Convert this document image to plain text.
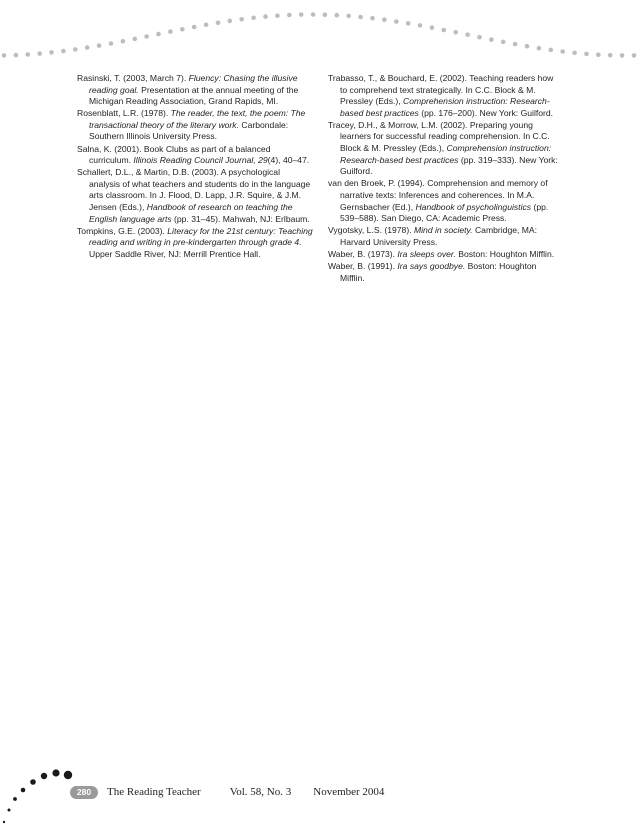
Rasinski, T. (2003, March 7). Fluency: Chasing the illusive reading goal. Presentation at the annual meeting of the Michigan Reading Association, Grand Rapids, MI.
Rosenblatt, L.R. (1978). The reader, the text, the poem: The transactional theory of the literary work. Carbondale: Southern Illinois University Press.
Salna, K. (2001). Book Clubs as part of a balanced curriculum. Illinois Reading Council Journal, 29(4), 40–47.
Schallert, D.L., & Martin, D.B. (2003). A psychological analysis of what teachers and students do in the language arts classroom. In J. Flood, D. Lapp, J.R. Squire, & J.M. Jensen (Eds.), Handbook of research on teaching the English language arts (pp. 31–45). Mahwah, NJ: Erlbaum.
Tompkins, G.E. (2003). Literacy for the 21st century: Teaching reading and writing in pre-kindergarten through grade 4. Upper Saddle River, NJ: Merrill Prentice Hall.
Trabasso, T., & Bouchard, E. (2002). Teaching readers how to comprehend text strategically. In C.C. Block & M. Pressley (Eds.), Comprehension instruction: Research-based best practices (pp. 176–200). New York: Guilford.
Tracey, D.H., & Morrow, L.M. (2002). Preparing young learners for successful reading comprehension. In C.C. Block & M. Pressley (Eds.), Comprehension instruction: Research-based best practices (pp. 319–333). New York: Guilford.
van den Broek, P. (1994). Comprehension and memory of narrative texts: Inferences and coherences. In M.A. Gernsbacher (Ed.), Handbook of psycholinguistics (pp. 539–588). San Diego, CA: Academic Press.
Vygotsky, L.S. (1978). Mind in society. Cambridge, MA: Harvard University Press.
Waber, B. (1973). Ira sleeps over. Boston: Houghton Mifflin.
Waber, B. (1991). Ira says goodbye. Boston: Houghton Mifflin.
280	The Reading Teacher	Vol. 58, No. 3 November 2004
